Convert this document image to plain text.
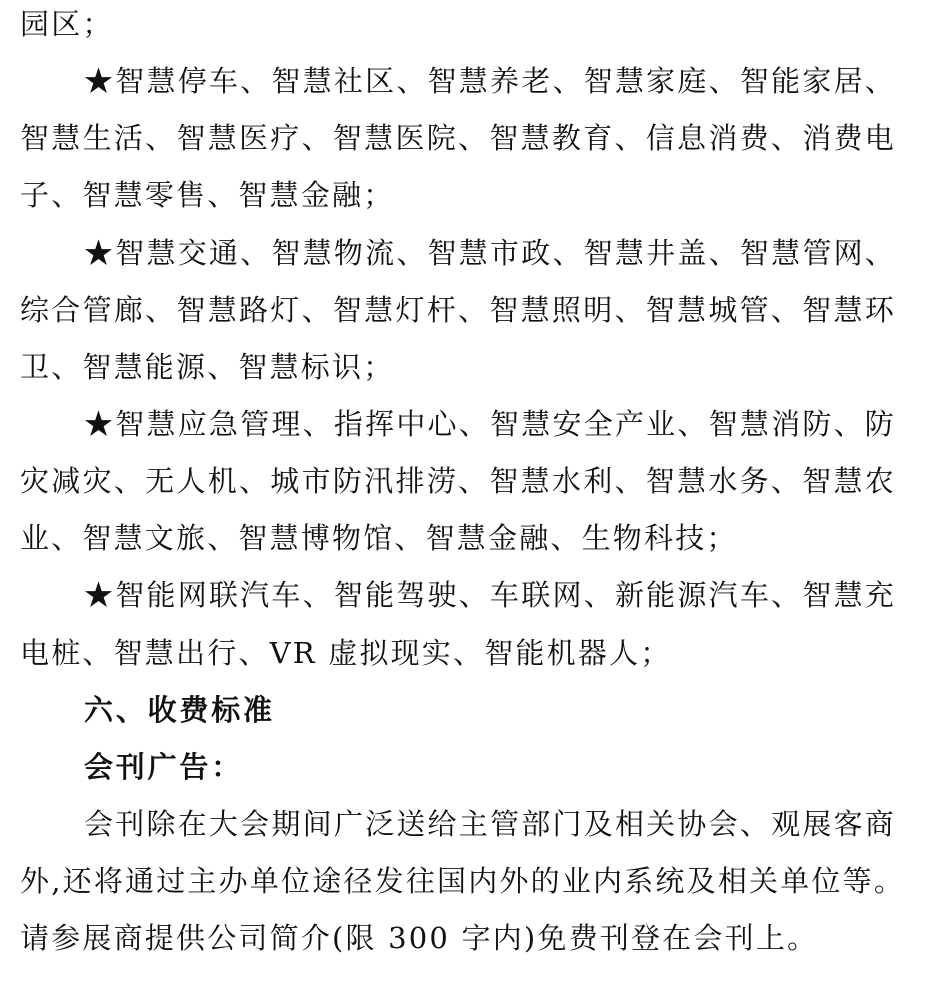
园区；
★智慧停车、智慧社区、智慧养老、智慧家庭、智能家居、
智慧生活、智慧医疗、智慧医院、智慧教育、信息消费、消费电
子、智慧零售、智慧金融；
★智慧交通、智慧物流、智慧市政、智慧井盖、智慧管网、
综合管廊、智慧路灯、智慧灯杆、智慧照明、智慧城管、智慧环
卫、智慧能源、智慧标识；
★智慧应急管理、指挥中心、智慧安全产业、智慧消防、防
灾减灾、无人机、城市防汛排涝、智慧水利、智慧水务、智慧农
业、智慧文旅、智慧博物馆、智慧金融、生物科技；
★智能网联汽车、智能驾驶、车联网、新能源汽车、智慧充
电桩、智慧出行、VR 虚拟现实、智能机器人；
六、收费标准
会刊广告：
会刊除在大会期间广泛送给主管部门及相关协会、观展客商
外,还将通过主办单位途径发往国内外的业内系统及相关单位等。
请参展商提供公司简介(限 300 字内)免费刊登在会刊上。
